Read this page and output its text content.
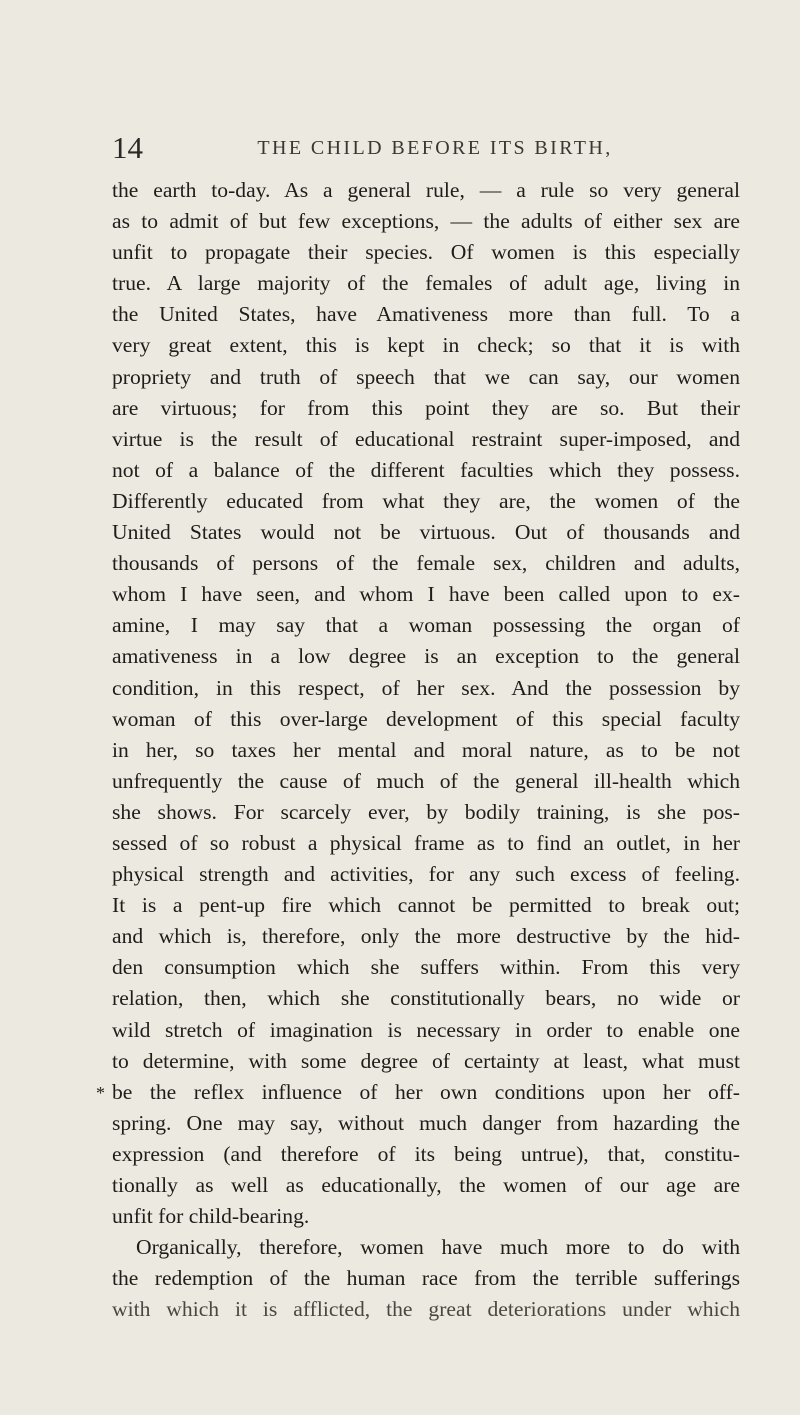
14	THE CHILD BEFORE ITS BIRTH,
*
the earth to-day. As a general rule, — a rule so very general
as to admit of but few exceptions, — the adults of either sex are
unfit to propagate their species. Of women is this especially
true. A large majority of the females of adult age, living in
the United States, have Amativeness more than full. To a
very great extent, this is kept in check; so that it is with
propriety and truth of speech that we can say, our women
are virtuous; for from this point they are so. But their
virtue is the result of educational restraint super-imposed, and
not of a balance of the different faculties which they possess.
Differently educated from what they are, the women of the
United States would not be virtuous. Out of thousands and
thousands of persons of the female sex, children and adults,
whom I have seen, and whom I have been called upon to ex-
amine, I may say that a woman possessing the organ of
amativeness in a low degree is an exception to the general
condition, in this respect, of her sex. And the possession by
woman of this over-large development of this special faculty
in her, so taxes her mental and moral nature, as to be not
unfrequently the cause of much of the general ill-health which
she shows. For scarcely ever, by bodily training, is she pos-
sessed of so robust a physical frame as to find an outlet, in her
physical strength and activities, for any such excess of feeling.
It is a pent-up fire which cannot be permitted to break out;
and which is, therefore, only the more destructive by the hid-
den consumption which she suffers within. From this very
relation, then, which she constitutionally bears, no wide or
wild stretch of imagination is necessary in order to enable one
to determine, with some degree of certainty at least, what must
be the reflex influence of her own conditions upon her off-
spring. One may say, without much danger from hazarding the
expression (and therefore of its being untrue), that, constitu-
tionally as well as educationally, the women of our age are
unfit for child-bearing.
Organically, therefore, women have much more to do with
the redemption of the human race from the terrible sufferings
with which it is afflicted, the great deteriorations under which
